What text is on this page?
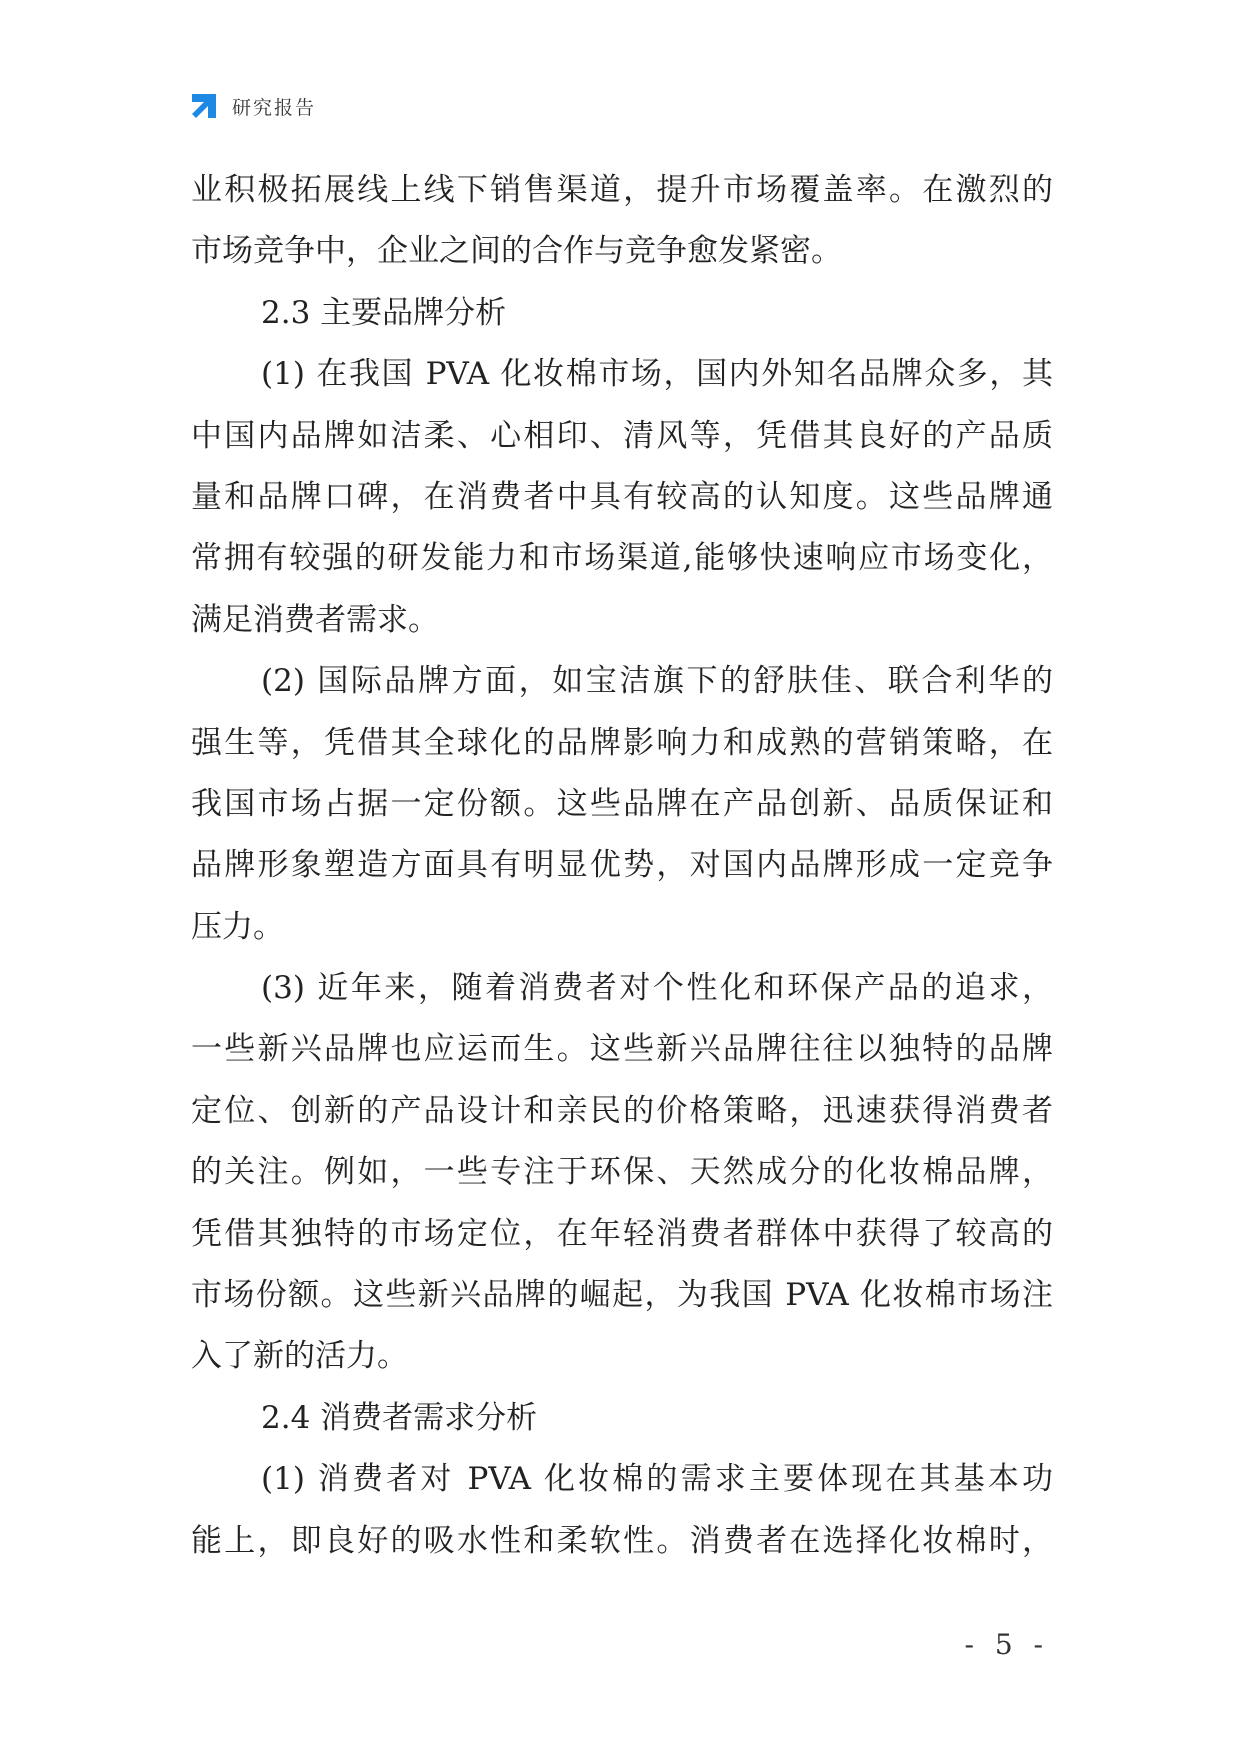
研究报告
业积极拓展线上线下销售渠道，提升市场覆盖率。在激烈的
市场竞争中，企业之间的合作与竞争愈发紧密。
2.3 主要品牌分析
(1) 在我国 PVA 化妆棉市场，国内外知名品牌众多，其
中国内品牌如洁柔、心相印、清风等，凭借其良好的产品质
量和品牌口碑，在消费者中具有较高的认知度。这些品牌通
常拥有较强的研发能力和市场渠道,能够快速响应市场变化，
满足消费者需求。
(2) 国际品牌方面，如宝洁旗下的舒肤佳、联合利华的
强生等，凭借其全球化的品牌影响力和成熟的营销策略，在
我国市场占据一定份额。这些品牌在产品创新、品质保证和
品牌形象塑造方面具有明显优势，对国内品牌形成一定竞争
压力。
(3) 近年来，随着消费者对个性化和环保产品的追求，
一些新兴品牌也应运而生。这些新兴品牌往往以独特的品牌
定位、创新的产品设计和亲民的价格策略，迅速获得消费者
的关注。例如，一些专注于环保、天然成分的化妆棉品牌，
凭借其独特的市场定位，在年轻消费者群体中获得了较高的
市场份额。这些新兴品牌的崛起，为我国 PVA 化妆棉市场注
入了新的活力。
2.4 消费者需求分析
(1) 消费者对 PVA 化妆棉的需求主要体现在其基本功
能上，即良好的吸水性和柔软性。消费者在选择化妆棉时，
- 5 -
